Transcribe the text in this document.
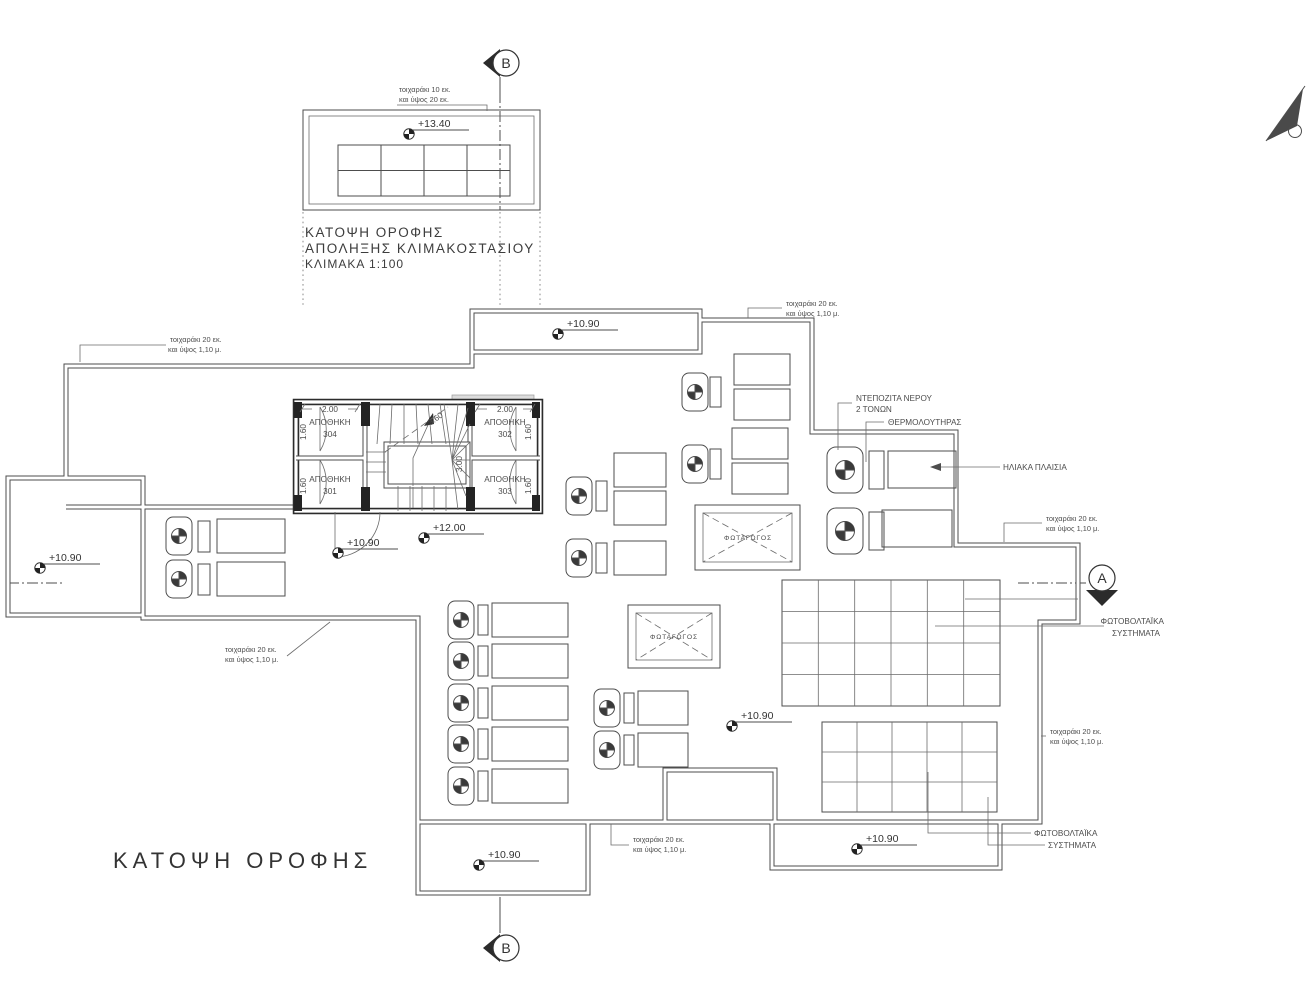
+13.40
τοιχαράκι 10 εκ.
και ύψος 20 εκ.
ΚΑΤΟΨΗ ΟΡΟΦΗΣ
ΑΠΟΛΗΞΗΣ ΚΛΙΜΑΚΟΣΤΑΣΙΟΥ
ΚΛΙΜΑΚΑ 1:100
ΑΠΟΘΗΚΗ
304
ΑΠΟΘΗΚΗ
302
ΑΠΟΘΗΚΗ
301
ΑΠΟΘΗΚΗ
303
2.00	2.00
1.60
1.60
1.60
1.60
3.60
3.00
ΦΩΤΑΓΩΓΟΣ
ΦΩΤΑΓΩΓΟΣ
+10.90
+10.90
+10.90
+12.00
+10.90
+10.90
+10.90
τοιχαράκι 20 εκ.
και ύψος 1,10 μ.
τοιχαράκι 20 εκ.
και ύψος 1,10 μ.
τοιχαράκι 20 εκ.
και ύψος 1,10 μ.
τοιχαράκι 20 εκ.
και ύψος 1,10 μ.
τοιχαράκι 20 εκ.
και ύψος 1,10 μ.
τοιχαράκι 20 εκ.
και ύψος 1,10 μ.
ΝΤΕΠΟΖΙΤΑ ΝΕΡΟΥ
2 ΤΟΝΩΝ
ΘΕΡΜΟΛΟΥΤΗΡΑΣ
ΗΛΙΑΚΑ ΠΛΑΙΣΙΑ
ΦΩΤΟΒΟΛΤΑΪΚΑ
ΣΥΣΤΗΜΑΤΑ
ΦΩΤΟΒΟΛΤΑΪΚΑ
ΣΥΣΤΗΜΑΤΑ
B
B
A
ΚΑΤΟΨΗ ΟΡΟΦΗΣ
